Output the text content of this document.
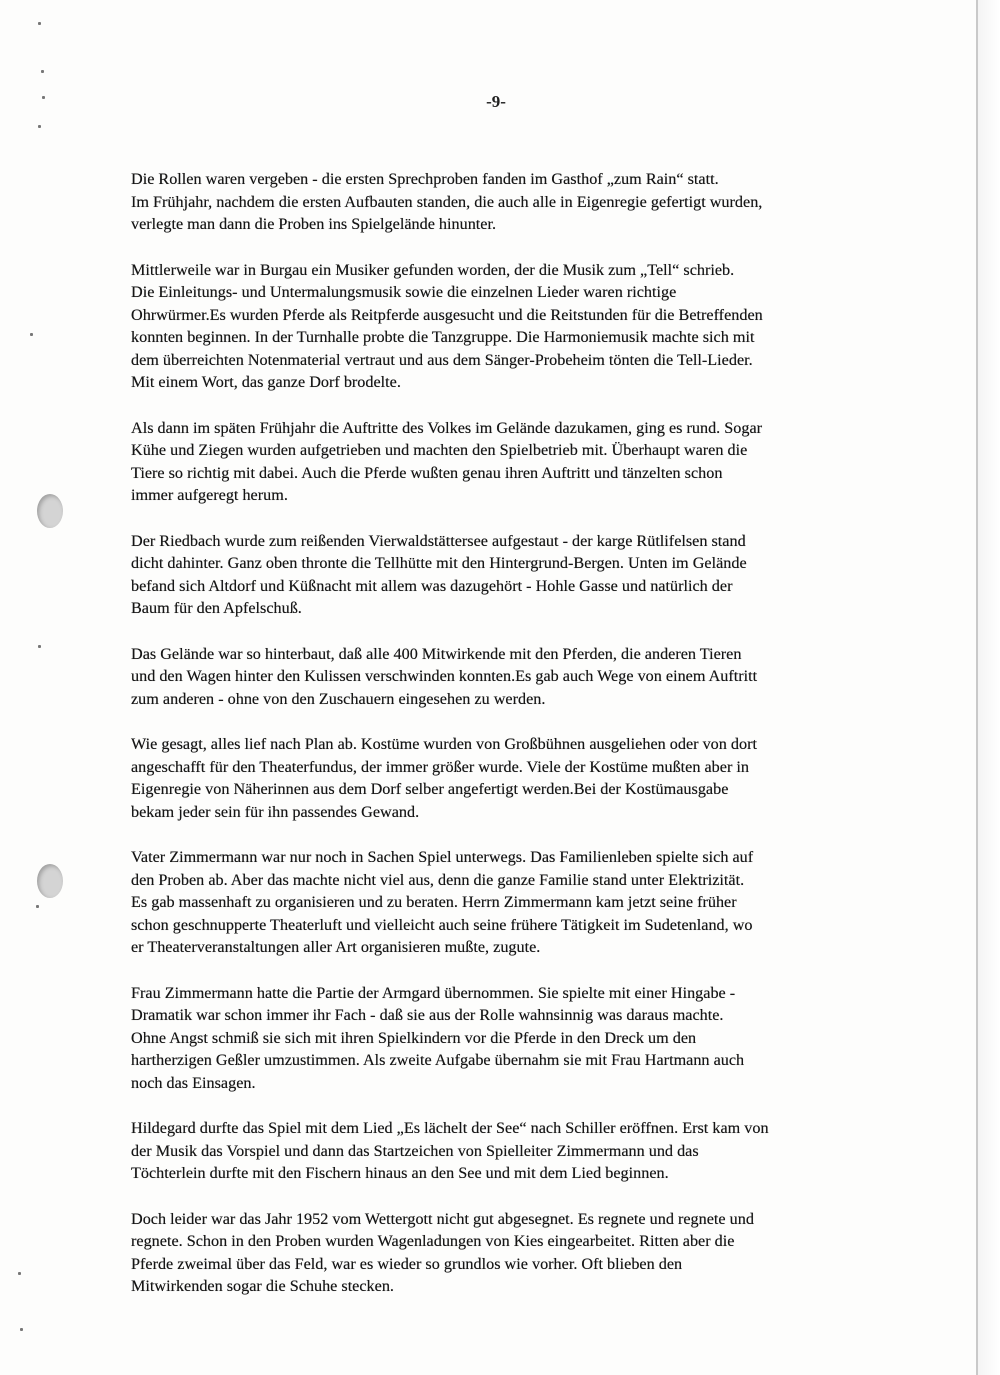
-9-

Die Rollen waren vergeben - die ersten Sprechproben fanden im Gasthof „zum Rain“ statt.
Im Frühjahr, nachdem die ersten Aufbauten standen, die auch alle in Eigenregie gefertigt wurden,
verlegte man dann die Proben ins Spielgelände hinunter.

Mittlerweile war in Burgau ein Musiker gefunden worden, der die Musik zum „Tell“ schrieb.
Die Einleitungs- und Untermalungsmusik sowie die einzelnen Lieder waren richtige
Ohrwürmer.Es wurden Pferde als Reitpferde ausgesucht und die Reitstunden für die Betreffenden
konnten beginnen. In der Turnhalle probte die Tanzgruppe. Die Harmoniemusik machte sich mit
dem überreichten Notenmaterial vertraut und aus dem Sänger-Probeheim tönten die Tell-Lieder.
Mit einem Wort, das ganze Dorf brodelte.

Als dann im späten Frühjahr die Auftritte des Volkes im Gelände dazukamen, ging es rund. Sogar
Kühe und Ziegen wurden aufgetrieben und machten den Spielbetrieb mit. Überhaupt waren die
Tiere so richtig mit dabei. Auch die Pferde wußten genau ihren Auftritt und tänzelten schon
immer aufgeregt herum.

Der Riedbach wurde zum reißenden Vierwaldstättersee aufgestaut - der karge Rütlifelsen stand
dicht dahinter. Ganz oben thronte die Tellhütte mit den Hintergrund-Bergen. Unten im Gelände
befand sich Altdorf und Küßnacht mit allem was dazugehört - Hohle Gasse und natürlich der
Baum für den Apfelschuß.

Das Gelände war so hinterbaut, daß alle 400 Mitwirkende mit den Pferden, die anderen Tieren
und den Wagen hinter den Kulissen verschwinden konnten.Es gab auch Wege von einem Auftritt
zum anderen - ohne von den Zuschauern eingesehen zu werden.

Wie gesagt, alles lief nach Plan ab. Kostüme wurden von Großbühnen ausgeliehen oder von dort
angeschafft für den Theaterfundus, der immer größer wurde. Viele der Kostüme mußten aber in
Eigenregie von Näherinnen aus dem Dorf selber angefertigt werden.Bei der Kostümausgabe
bekam jeder sein für ihn passendes Gewand.

Vater Zimmermann war nur noch in Sachen Spiel unterwegs. Das Familienleben spielte sich auf
den Proben ab. Aber das machte nicht viel aus, denn die ganze Familie stand unter Elektrizität.
Es gab massenhaft zu organisieren und zu beraten. Herrn Zimmermann kam jetzt seine früher
schon geschnupperte Theaterluft und vielleicht auch seine frühere Tätigkeit im Sudetenland, wo
er Theaterveranstaltungen aller Art organisieren mußte, zugute.

Frau Zimmermann hatte die Partie der Armgard übernommen. Sie spielte mit einer Hingabe -
Dramatik war schon immer ihr Fach - daß sie aus der Rolle wahnsinnig was daraus machte.
Ohne Angst schmiß sie sich mit ihren Spielkindern vor die Pferde in den Dreck um den
hartherzigen Geßler umzustimmen. Als zweite Aufgabe übernahm sie mit Frau Hartmann auch
noch das Einsagen.

Hildegard durfte das Spiel mit dem Lied „Es lächelt der See“ nach Schiller eröffnen. Erst kam von
der Musik das Vorspiel und dann das Startzeichen von Spielleiter Zimmermann und das
Töchterlein durfte mit den Fischern hinaus an den See und mit dem Lied beginnen.

Doch leider war das Jahr 1952 vom Wettergott nicht gut abgesegnet. Es regnete und regnete und
regnete. Schon in den Proben wurden Wagenladungen von Kies eingearbeitet. Ritten aber die
Pferde zweimal über das Feld, war es wieder so grundlos wie vorher. Oft blieben den
Mitwirkenden sogar die Schuhe stecken.
